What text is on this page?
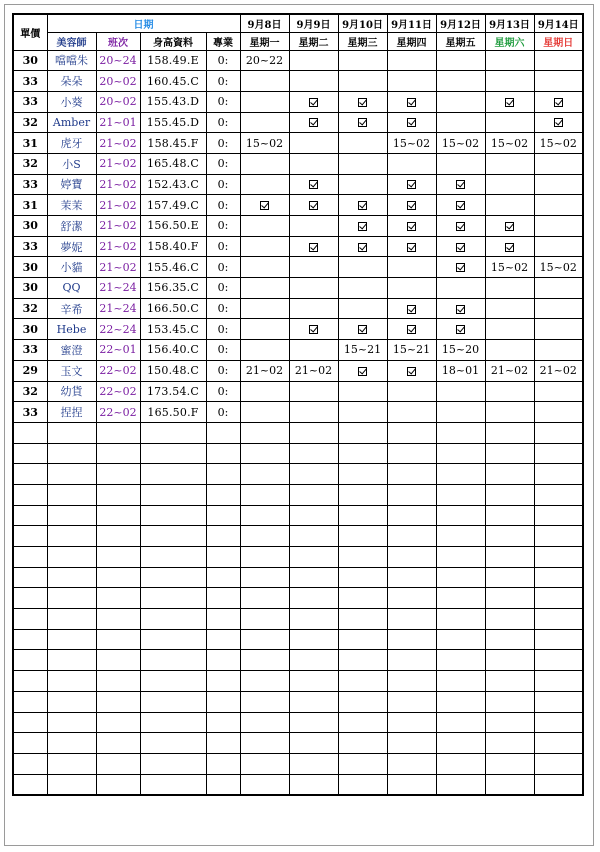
單價	日期				9月8日	9月9日	9月10日	9月11日	9月12日	9月13日	9月14日
	美容師	班次	身高資料	專業	星期一	星期二	星期三	星期四	星期五	星期六	星期日
30	噹噹朱	20~24	158.49.E	0:	20~22						
33	朵朵	20~02	160.45.C	0:							
33	小葵	20~02	155.43.D	0:							
32	Amber	21~01	155.45.D	0:							
31	虎牙	21~02	158.45.F	0:	15~02			15~02	15~02	15~02	15~02
32	小S	21~02	165.48.C	0:							
33	婷寶	21~02	152.43.C	0:							
31	茉茉	21~02	157.49.C	0:							
30	舒潔	21~02	156.50.E	0:							
33	夢妮	21~02	158.40.F	0:							
30	小貓	21~02	155.46.C	0:						15~02	15~02
30	QQ	21~24	156.35.C	0:							
32	辛希	21~24	166.50.C	0:							
30	Hebe	22~24	153.45.C	0:							
33	蜜澄	22~01	156.40.C	0:			15~21	15~21	15~20		
29	玉文	22~02	150.48.C	0:	21~02	21~02			18~01	21~02	21~02
32	幼貨	22~02	173.54.C	0:							
33	捏捏	22~02	165.50.F	0:							
